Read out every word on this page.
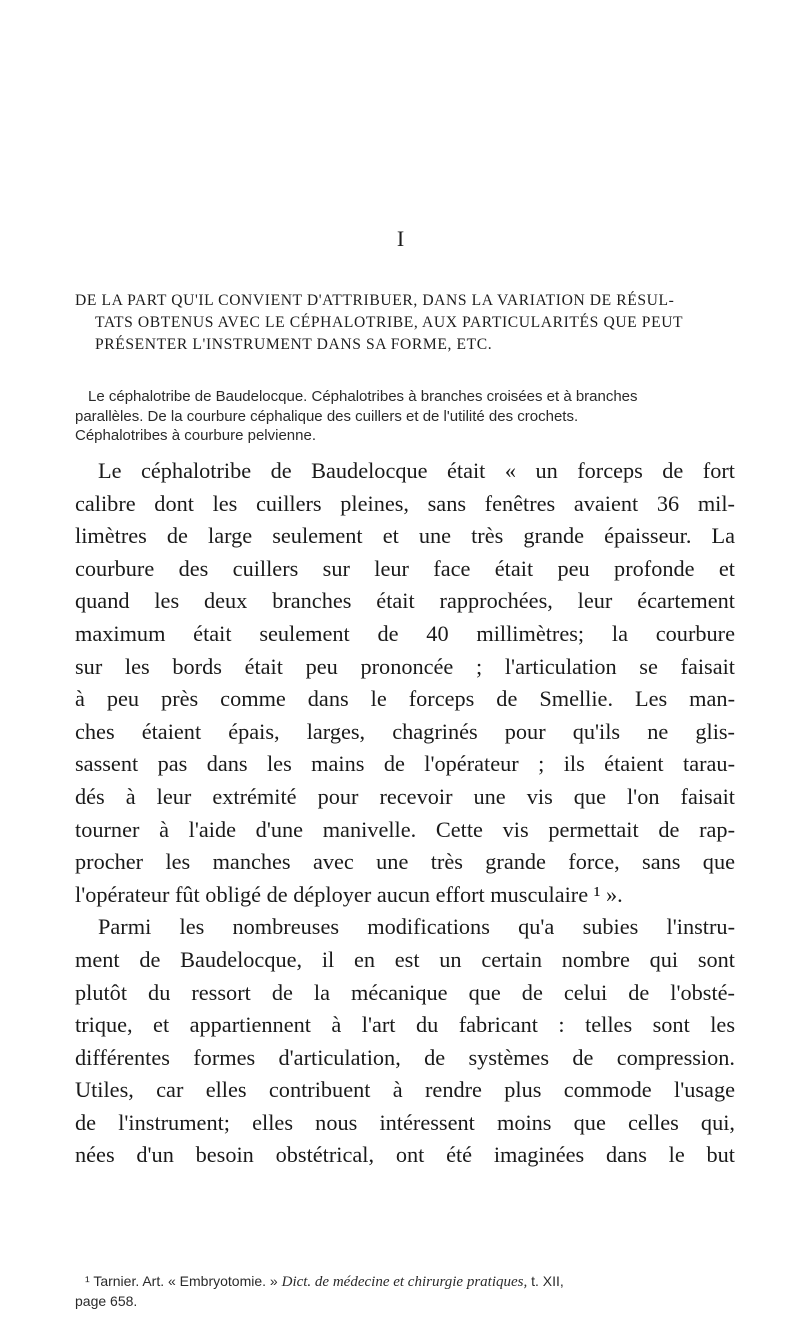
I
DE LA PART QU'IL CONVIENT D'ATTRIBUER, DANS LA VARIATION DE RÉSUL-
TATS OBTENUS AVEC LE CÉPHALOTRIBE, AUX PARTICULARITÉS QUE PEUT
PRÉSENTER L'INSTRUMENT DANS SA FORME, ETC.
Le céphalotribe de Baudelocque. Céphalotribes à branches croisées et à branches
parallèles. De la courbure céphalique des cuillers et de l'utilité des crochets.
Céphalotribes à courbure pelvienne.
Le céphalotribe de Baudelocque était « un forceps de fort
calibre dont les cuillers pleines, sans fenêtres avaient 36 mil-
limètres de large seulement et une très grande épaisseur. La
courbure des cuillers sur leur face était peu profonde et
quand les deux branches était rapprochées, leur écartement
maximum était seulement de 40 millimètres; la courbure
sur les bords était peu prononcée ; l'articulation se faisait
à peu près comme dans le forceps de Smellie. Les man-
ches étaient épais, larges, chagrinés pour qu'ils ne glis-
sassent pas dans les mains de l'opérateur ; ils étaient tarau-
dés à leur extrémité pour recevoir une vis que l'on faisait
tourner à l'aide d'une manivelle. Cette vis permettait de rap-
procher les manches avec une très grande force, sans que
l'opérateur fût obligé de déployer aucun effort musculaire ¹ ».
Parmi les nombreuses modifications qu'a subies l'instru-
ment de Baudelocque, il en est un certain nombre qui sont
plutôt du ressort de la mécanique que de celui de l'obsté-
trique, et appartiennent à l'art du fabricant : telles sont les
différentes formes d'articulation, de systèmes de compression.
Utiles, car elles contribuent à rendre plus commode l'usage
de l'instrument; elles nous intéressent moins que celles qui,
nées d'un besoin obstétrical, ont été imaginées dans le but
¹ Tarnier. Art. « Embryotomie. » Dict. de médecine et chirurgie pratiques, t. XII,
page 658.
